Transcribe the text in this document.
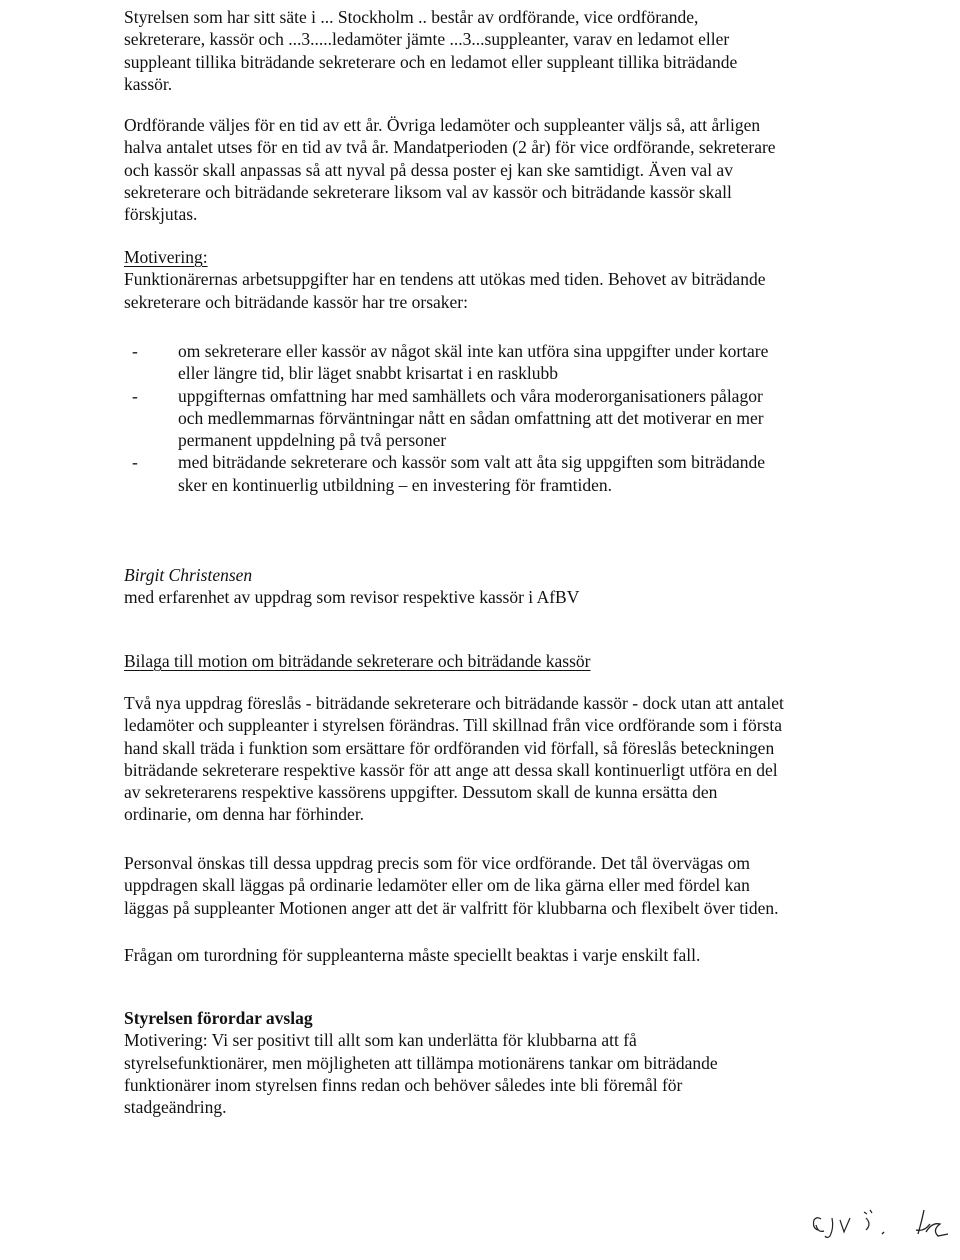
Styrelsen som har sitt säte i ... Stockholm .. består av ordförande, vice ordförande,
sekreterare, kassör och ...3.....ledamöter jämte ...3...suppleanter, varav en ledamot eller
suppleant tillika biträdande sekreterare och en ledamot eller suppleant tillika biträdande
kassör.

Ordförande väljes för en tid av ett år. Övriga ledamöter och suppleanter väljs så, att årligen
halva antalet utses för en tid av två år. Mandatperioden (2 år) för vice ordförande, sekreterare
och kassör skall anpassas så att nyval på dessa poster ej kan ske samtidigt. Även val av
sekreterare och biträdande sekreterare liksom val av kassör och biträdande kassör skall
förskjutas.

Motivering:
Funktionärernas arbetsuppgifter har en tendens att utökas med tiden. Behovet av biträdande
sekreterare och biträdande kassör har tre orsaker:

- om sekreterare eller kassör av något skäl inte kan utföra sina uppgifter under kortare
eller längre tid, blir läget snabbt krisartat i en rasklubb
- uppgifternas omfattning har med samhällets och våra moderorganisationers pålagor
och medlemmarnas förväntningar nått en sådan omfattning att det motiverar en mer
permanent uppdelning på två personer
- med biträdande sekreterare och kassör som valt att åta sig uppgiften som biträdande
sker en kontinuerlig utbildning – en investering för framtiden.

Birgit Christensen
med erfarenhet av uppdrag som revisor respektive kassör i AfBV

Bilaga till motion om biträdande sekreterare och biträdande kassör

Två nya uppdrag föreslås - biträdande sekreterare och biträdande kassör - dock utan att antalet
ledamöter och suppleanter i styrelsen förändras. Till skillnad från vice ordförande som i första
hand skall träda i funktion som ersättare för ordföranden vid förfall, så föreslås beteckningen
biträdande sekreterare respektive kassör för att ange att dessa skall kontinuerligt utföra en del
av sekreterarens respektive kassörens uppgifter. Dessutom skall de kunna ersätta den
ordinarie, om denna har förhinder.

Personval önskas till dessa uppdrag precis som för vice ordförande. Det tål övervägas om
uppdragen skall läggas på ordinarie ledamöter eller om de lika gärna eller med fördel kan
läggas på suppleanter Motionen anger att det är valfritt för klubbarna och flexibelt över tiden.

Frågan om turordning för suppleanterna måste speciellt beaktas i varje enskilt fall.

Styrelsen förordar avslag
Motivering: Vi ser positivt till allt som kan underlätta för klubbarna att få
styrelsefunktionärer, men möjligheten att tillämpa motionärens tankar om biträdande
funktionärer inom styrelsen finns redan och behöver således inte bli föremål för
stadgeändring.
